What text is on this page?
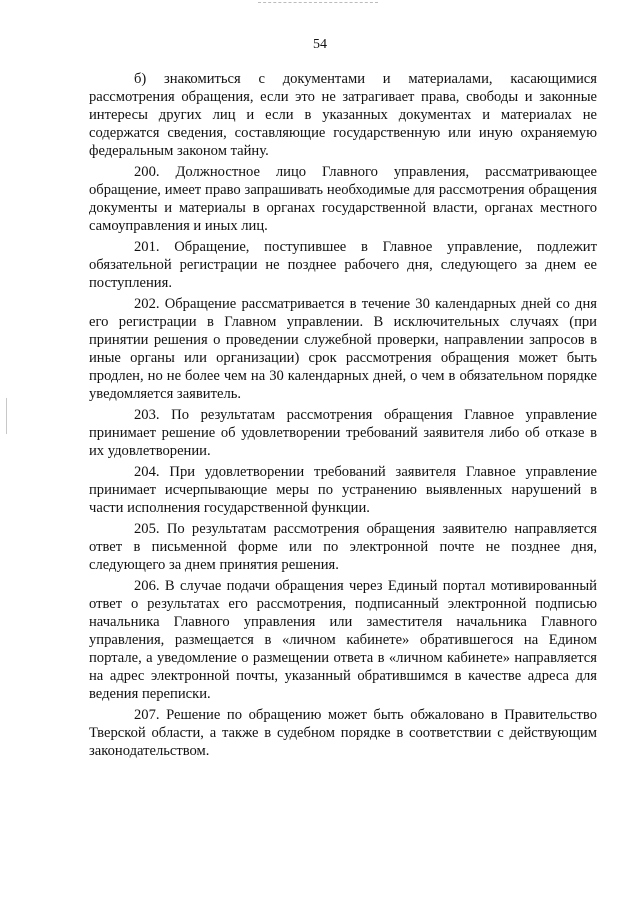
54

б) знакомиться с документами и материалами, касающимися рассмотрения обращения, если это не затрагивает права, свободы и законные интересы других лиц и если в указанных документах и материалах не содержатся сведения, составляющие государственную или иную охраняемую федеральным законом тайну.

200. Должностное лицо Главного управления, рассматривающее обращение, имеет право запрашивать необходимые для рассмотрения обращения документы и материалы в органах государственной власти, органах местного самоуправления и иных лиц.

201. Обращение, поступившее в Главное управление, подлежит обязательной регистрации не позднее рабочего дня, следующего за днем ее поступления.

202. Обращение рассматривается в течение 30 календарных дней со дня его регистрации в Главном управлении. В исключительных случаях (при принятии решения о проведении служебной проверки, направлении запросов в иные органы или организации) срок рассмотрения обращения может быть продлен, но не более чем на 30 календарных дней, о чем в обязательном порядке уведомляется заявитель.

203. По результатам рассмотрения обращения Главное управление принимает решение об удовлетворении требований заявителя либо об отказе в их удовлетворении.

204. При удовлетворении требований заявителя Главное управление принимает исчерпывающие меры по устранению выявленных нарушений в части исполнения государственной функции.

205. По результатам рассмотрения обращения заявителю направляется ответ в письменной форме или по электронной почте не позднее дня, следующего за днем принятия решения.

206. В случае подачи обращения через Единый портал мотивированный ответ о результатах его рассмотрения, подписанный электронной подписью начальника Главного управления или заместителя начальника Главного управления, размещается в «личном кабинете» обратившегося на Едином портале, а уведомление о размещении ответа в «личном кабинете» направляется на адрес электронной почты, указанный обратившимся в качестве адреса для ведения переписки.

207. Решение по обращению может быть обжаловано в Правительство Тверской области, а также в судебном порядке в соответствии с действующим законодательством.
